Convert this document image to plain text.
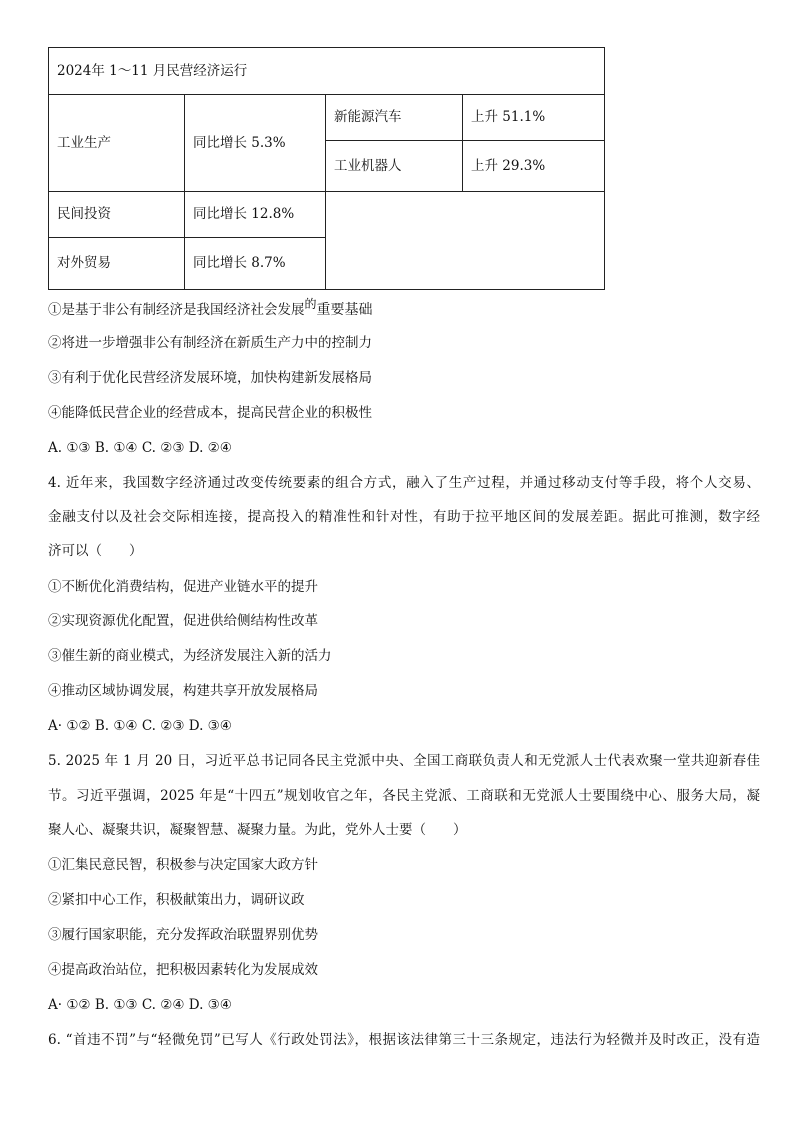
2024年 1～11 月民营经济运行			
工业生产	同比增长 5.3%	新能源汽车	上升 51.1%
		工业机器人	上升 29.3%
民间投资	同比增长 12.8%		
对外贸易	同比增长 8.7%		
①是基于非公有制经济是我国经济社会发展的重要基础
②将进一步增强非公有制经济在新质生产力中的控制力
③有利于优化民营经济发展环境，加快构建新发展格局
④能降低民营企业的经营成本，提高民营企业的积极性
A. ①③ B. ①④ C. ②③ D. ②④
4. 近年来，我国数字经济通过改变传统要素的组合方式，融入了生产过程，并通过移动支付等手段，将个人交易、
金融支付以及社会交际相连接，提高投入的精准性和针对性，有助于拉平地区间的发展差距。据此可推测，数字经
济可以（　　）
①不断优化消费结构，促进产业链水平的提升
②实现资源优化配置，促进供给侧结构性改革
③催生新的商业模式，为经济发展注入新的活力
④推动区域协调发展，构建共享开放发展格局
A· ①② B. ①④ C. ②③ D. ③④
5. 2025 年 1 月 20 日，习近平总书记同各民主党派中央、全国工商联负责人和无党派人士代表欢聚一堂共迎新春佳
节。习近平强调，2025 年是“十四五”规划收官之年，各民主党派、工商联和无党派人士要围绕中心、服务大局，凝
聚人心、凝聚共识，凝聚智慧、凝聚力量。为此，党外人士要（　　）
①汇集民意民智，积极参与决定国家大政方针
②紧扣中心工作，积极献策出力，调研议政
③履行国家职能，充分发挥政治联盟界别优势
④提高政治站位，把积极因素转化为发展成效
A· ①② B. ①③ C. ②④ D. ③④
6. “首违不罚”与“轻微免罚”已写人《行政处罚法》，根据该法律第三十三条规定，违法行为轻微并及时改正，没有造
